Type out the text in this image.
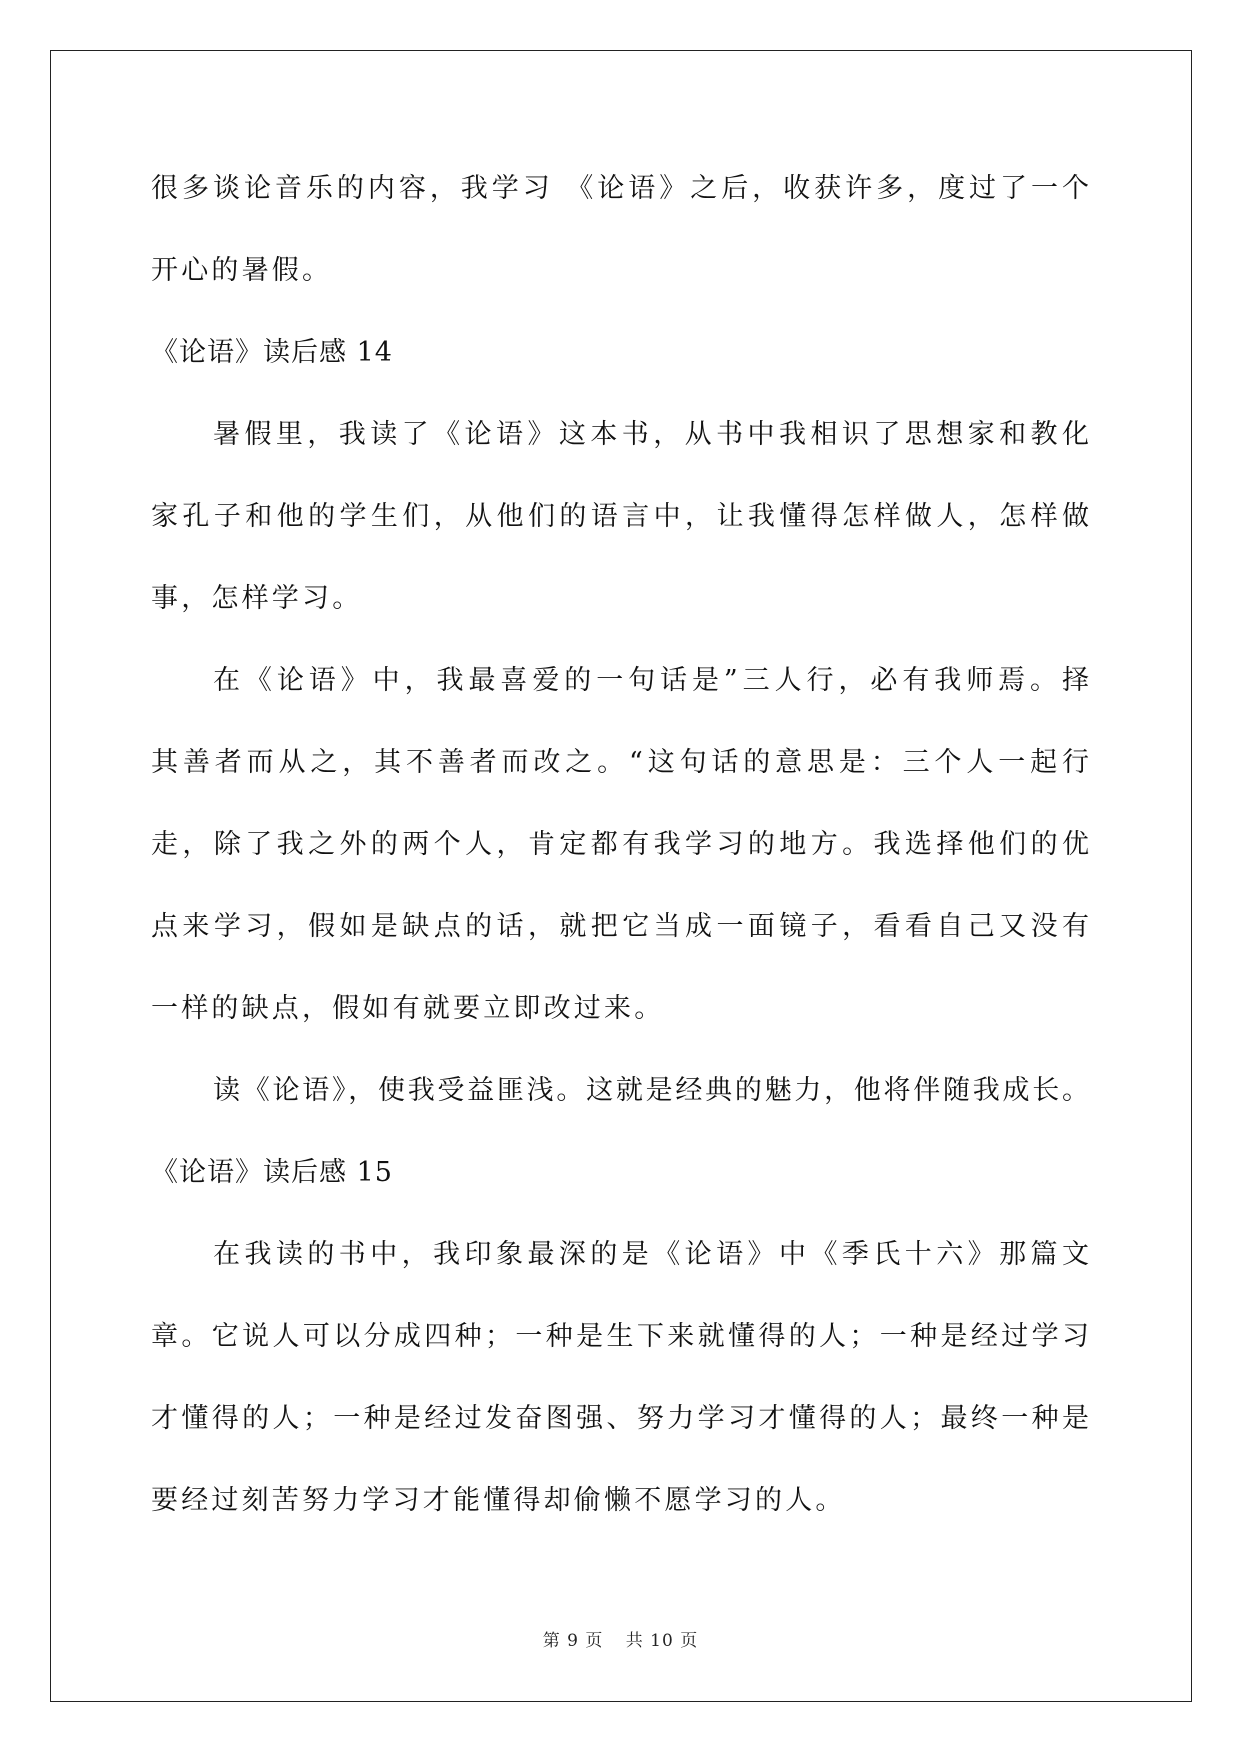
很多谈论音乐的内容，我学习 《论语》之后，收获许多，度过了一个
开心的暑假。
《论语》读后感 14
暑假里，我读了《论语》这本书，从书中我相识了思想家和教化
家孔子和他的学生们，从他们的语言中，让我懂得怎样做人，怎样做
事，怎样学习。
在《论语》中，我最喜爱的一句话是”三人行，必有我师焉。择
其善者而从之，其不善者而改之。“这句话的意思是：三个人一起行
走，除了我之外的两个人，肯定都有我学习的地方。我选择他们的优
点来学习，假如是缺点的话，就把它当成一面镜子，看看自己又没有
一样的缺点，假如有就要立即改过来。
读《论语》，使我受益匪浅。这就是经典的魅力，他将伴随我成长。
《论语》读后感 15
在我读的书中，我印象最深的是《论语》中《季氏十六》那篇文
章。它说人可以分成四种；一种是生下来就懂得的人；一种是经过学习
才懂得的人；一种是经过发奋图强、努力学习才懂得的人；最终一种是
要经过刻苦努力学习才能懂得却偷懒不愿学习的人。
第 9 页 共 10 页
